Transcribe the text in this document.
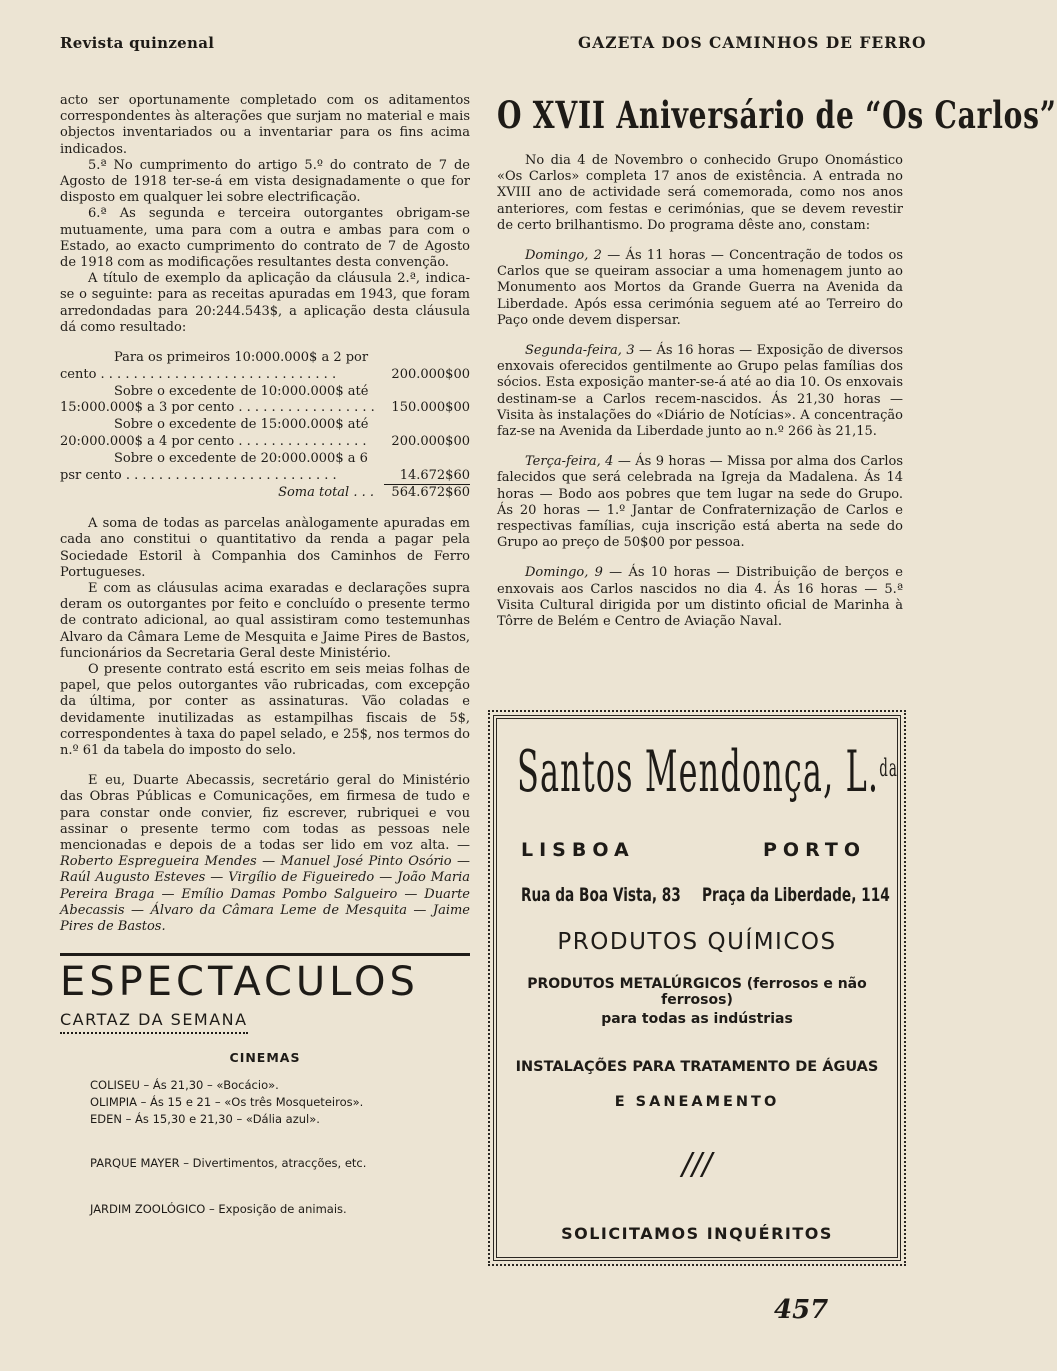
Revista quinzenal	GAZETA DOS CAMINHOS DE FERRO

acto ser oportunamente completado com os aditamentos correspondentes às alterações que surjam no material e mais objectos inventariados ou a inventariar para os fins acima indicados.

5.ª No cumprimento do artigo 5.º do contrato de 7 de Agosto de 1918 ter-se-á em vista designadamente o que for disposto em qualquer lei sobre electrificação.

6.ª As segunda e terceira outorgantes obrigam-se mutuamente, uma para com a outra e ambas para com o Estado, ao exacto cumprimento do contrato de 7 de Agosto de 1918 com as modificações resultantes desta convenção.

A título de exemplo da aplicação da cláusula 2.ª, indica-se o seguinte: para as receitas apuradas em 1943, que foram arredondadas para 20:244.543$, a aplicação desta cláusula dá como resultado:

Para os primeiros 10:000.000$ a 2 por
cento . . . . . . . . . . . . . . . . . . . . . . . . . . . . .	200.000$00
Sobre o excedente de 10:000.000$ até
15:000.000$ a 3 por cento . . . . . . . . . . . . . . . . .	150.000$00
Sobre o excedente de 15:000.000$ até
20:000.000$ a 4 por cento . . . . . . . . . . . . . . . .	200.000$00
Sobre o excedente de 20:000.000$ a 6
psr cento . . . . . . . . . . . . . . . . . . . . . . . . . .	14.672$60
Soma total . . .	564.672$60

A soma de todas as parcelas anàlogamente apuradas em cada ano constitui o quantitativo da renda a pagar pela Sociedade Estoril à Companhia dos Caminhos de Ferro Portugueses.

E com as cláusulas acima exaradas e declarações supra deram os outorgantes por feito e concluído o presente termo de contrato adicional, ao qual assistiram como testemunhas Alvaro da Câmara Leme de Mesquita e Jaime Pires de Bastos, funcionários da Secretaria Geral deste Ministério.

O presente contrato está escrito em seis meias folhas de papel, que pelos outorgantes vão rubricadas, com excepção da última, por conter as assinaturas. Vão coladas e devidamente inutilizadas as estampilhas fiscais de 5$, correspondentes à taxa do papel selado, e 25$, nos termos do n.º 61 da tabela do imposto do selo.

E eu, Duarte Abecassis, secretário geral do Ministério das Obras Públicas e Comunicações, em firmesa de tudo e para constar onde convier, fiz escrever, rubriquei e vou assinar o presente termo com todas as pessoas nele mencionadas e depois de a todas ser lido em voz alta. — Roberto Espregueira Mendes — Manuel José Pinto Osório — Raúl Augusto Esteves — Virgílio de Figueiredo — João Maria Pereira Braga — Emílio Damas Pombo Salgueiro — Duarte Abecassis — Álvaro da Câmara Leme de Mesquita — Jaime Pires de Bastos.

ESPECTACULOS
CARTAZ DA SEMANA
CINEMAS
COLISEU – Ás 21,30 – «Bocácio».
OLIMPIA – Ás 15 e 21 – «Os três Mosqueteiros».
EDEN – Ás 15,30 e 21,30 – «Dália azul».
PARQUE MAYER – Divertimentos, atracções, etc.
JARDIM ZOOLÓGICO – Exposição de animais.
O XVII Aniversário de “Os Carlos”

No dia 4 de Novembro o conhecido Grupo Onomástico «Os Carlos» completa 17 anos de existência. A entrada no XVIII ano de actividade será comemorada, como nos anos anteriores, com festas e cerimónias, que se devem revestir de certo brilhantismo. Do programa dêste ano, constam:

Domingo, 2 — Ás 11 horas — Concentração de todos os Carlos que se queiram associar a uma homenagem junto ao Monumento aos Mortos da Grande Guerra na Avenida da Liberdade. Após essa cerimónia seguem até ao Terreiro do Paço onde devem dispersar.

Segunda-feira, 3 — Ás 16 horas — Exposição de diversos enxovais oferecidos gentilmente ao Grupo pelas famílias dos sócios. Esta exposição manter-se-á até ao dia 10. Os enxovais destinam-se a Carlos recem-nascidos. Ás 21,30 horas — Visita às instalações do «Diário de Notícias». A concentração faz-se na Avenida da Liberdade junto ao n.º 266 às 21,15.

Terça-feira, 4 — Ás 9 horas — Missa por alma dos Carlos falecidos que será celebrada na Igreja da Madalena. Ás 14 horas — Bodo aos pobres que tem lugar na sede do Grupo. Ás 20 horas — 1.º Jantar de Confraternização de Carlos e respectivas famílias, cuja inscrição está aberta na sede do Grupo ao preço de 50$00 por pessoa.

Domingo, 9 — Ás 10 horas — Distribuição de berços e enxovais aos Carlos nascidos no dia 4. Ás 16 horas — 5.ª Visita Cultural dirigida por um distinto oficial de Marinha à Tôrre de Belém e Centro de Aviação Naval.

Santos Mendonça, L.$^{da}$
LISBOA	PORTO
Rua da Boa Vista, 83 Praça da Liberdade, 114
PRODUTOS QUÍMICOS
PRODUTOS METALÚRGICOS (ferrosos e não ferrosos)
para todas as indústrias
INSTALAÇÕES PARA TRATAMENTO DE ÁGUAS
E SANEAMENTO
///
SOLICITAMOS INQUÉRITOS
457
